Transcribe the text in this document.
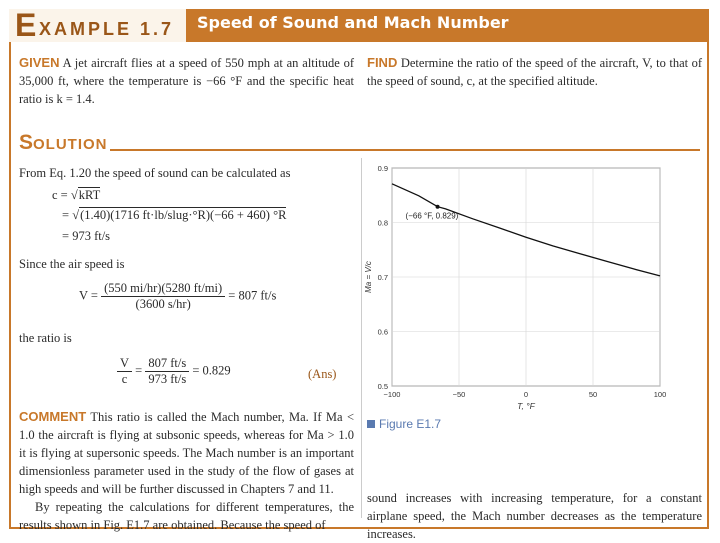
E XAMPLE 1.7 Speed of Sound and Mach Number
GIVEN A jet aircraft flies at a speed of 550 mph at an altitude of 35,000 ft, where the temperature is −66 °F and the specific heat ratio is k = 1.4.
FIND Determine the ratio of the speed of the aircraft, V, to that of the speed of sound, c, at the specified altitude.
SOLUTION
From Eq. 1.20 the speed of sound can be calculated as
c = √kRT
= √(1.40)(1716 ft·lb/slug·°R)(−66 + 460) °R
= 973 ft/s
Since the air speed is
$V = \frac{(550 mi/hr)(5280 ft/mi)}{(3600 s/hr)} = 807$ ft/s
the ratio is
$\frac{V}{c} = \frac{807 ft/s}{973 ft/s} = 0.829$	(Ans)
COMMENT This ratio is called the Mach number, Ma. If Ma < 1.0 the aircraft is flying at subsonic speeds, whereas for Ma > 1.0 it is flying at supersonic speeds. The Mach number is an important dimensionless parameter used in the study of the flow of gases at high speeds and will be further discussed in Chapters 7 and 11.
By repeating the calculations for different temperatures, the results shown in Fig. E1.7 are obtained. Because the speed of
−100	−50	0	50	100
0.5
0.6
0.7
0.8
0.9
(−66 °F, 0.829)
T, °F
Ma = V/c
Figure E1.7
sound increases with increasing temperature, for a constant airplane speed, the Mach number decreases as the temperature increases.
